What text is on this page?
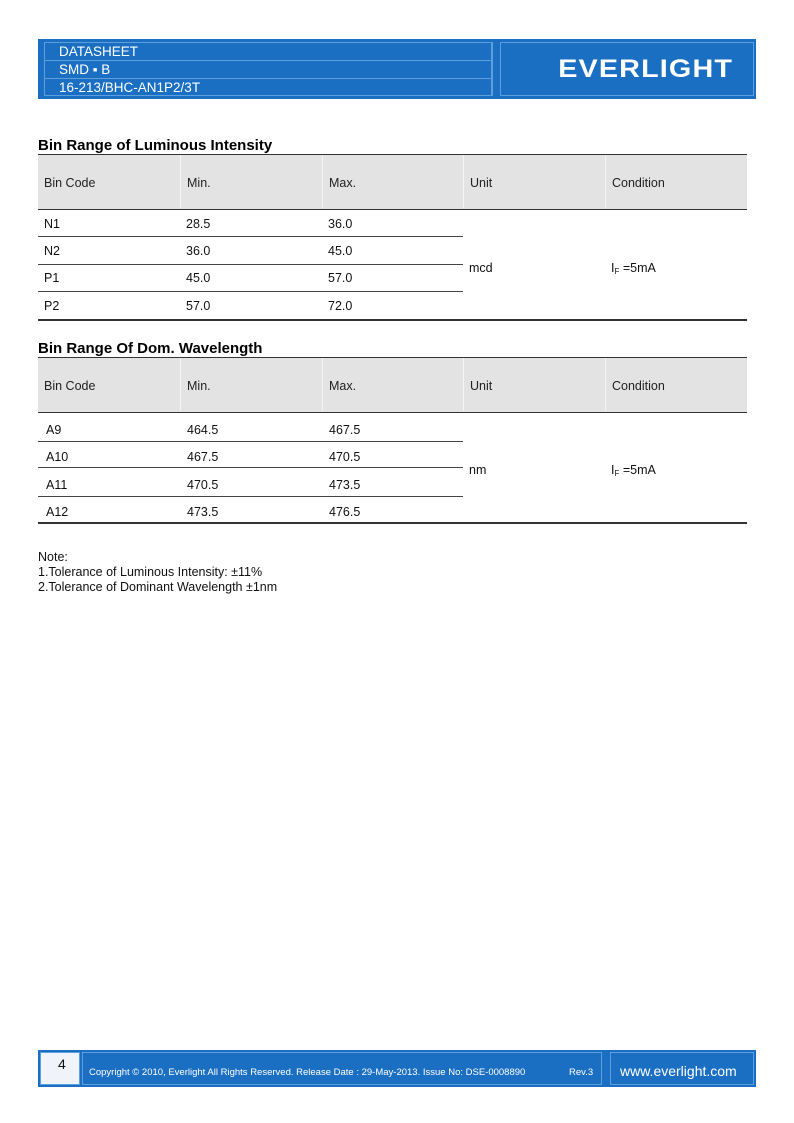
DATASHEET
SMD ▪ B
16-213/BHC-AN1P2/3T
EVERLIGHT
Bin Range of Luminous Intensity
Bin Code	Min.	Max.	Unit	Condition
N1	28.5	36.0
N2	36.0	45.0
P1	45.0	57.0
P2	57.0	72.0
mcd	$I_F =5mA$
Bin Range Of Dom. Wavelength
Bin Code	Min.	Max.	Unit	Condition
A9	464.5	467.5
A10	467.5	470.5
A11	470.5	473.5
A12	473.5	476.5
nm	$I_F =5mA$
Note:
1.Tolerance of Luminous Intensity: ±11%
2.Tolerance of Dominant Wavelength ±1nm
4
Copyright © 2010, Everlight All Rights Reserved. Release Date : 29-May-2013. Issue No: DSE-0008890	Rev.3 www.everlight.com
